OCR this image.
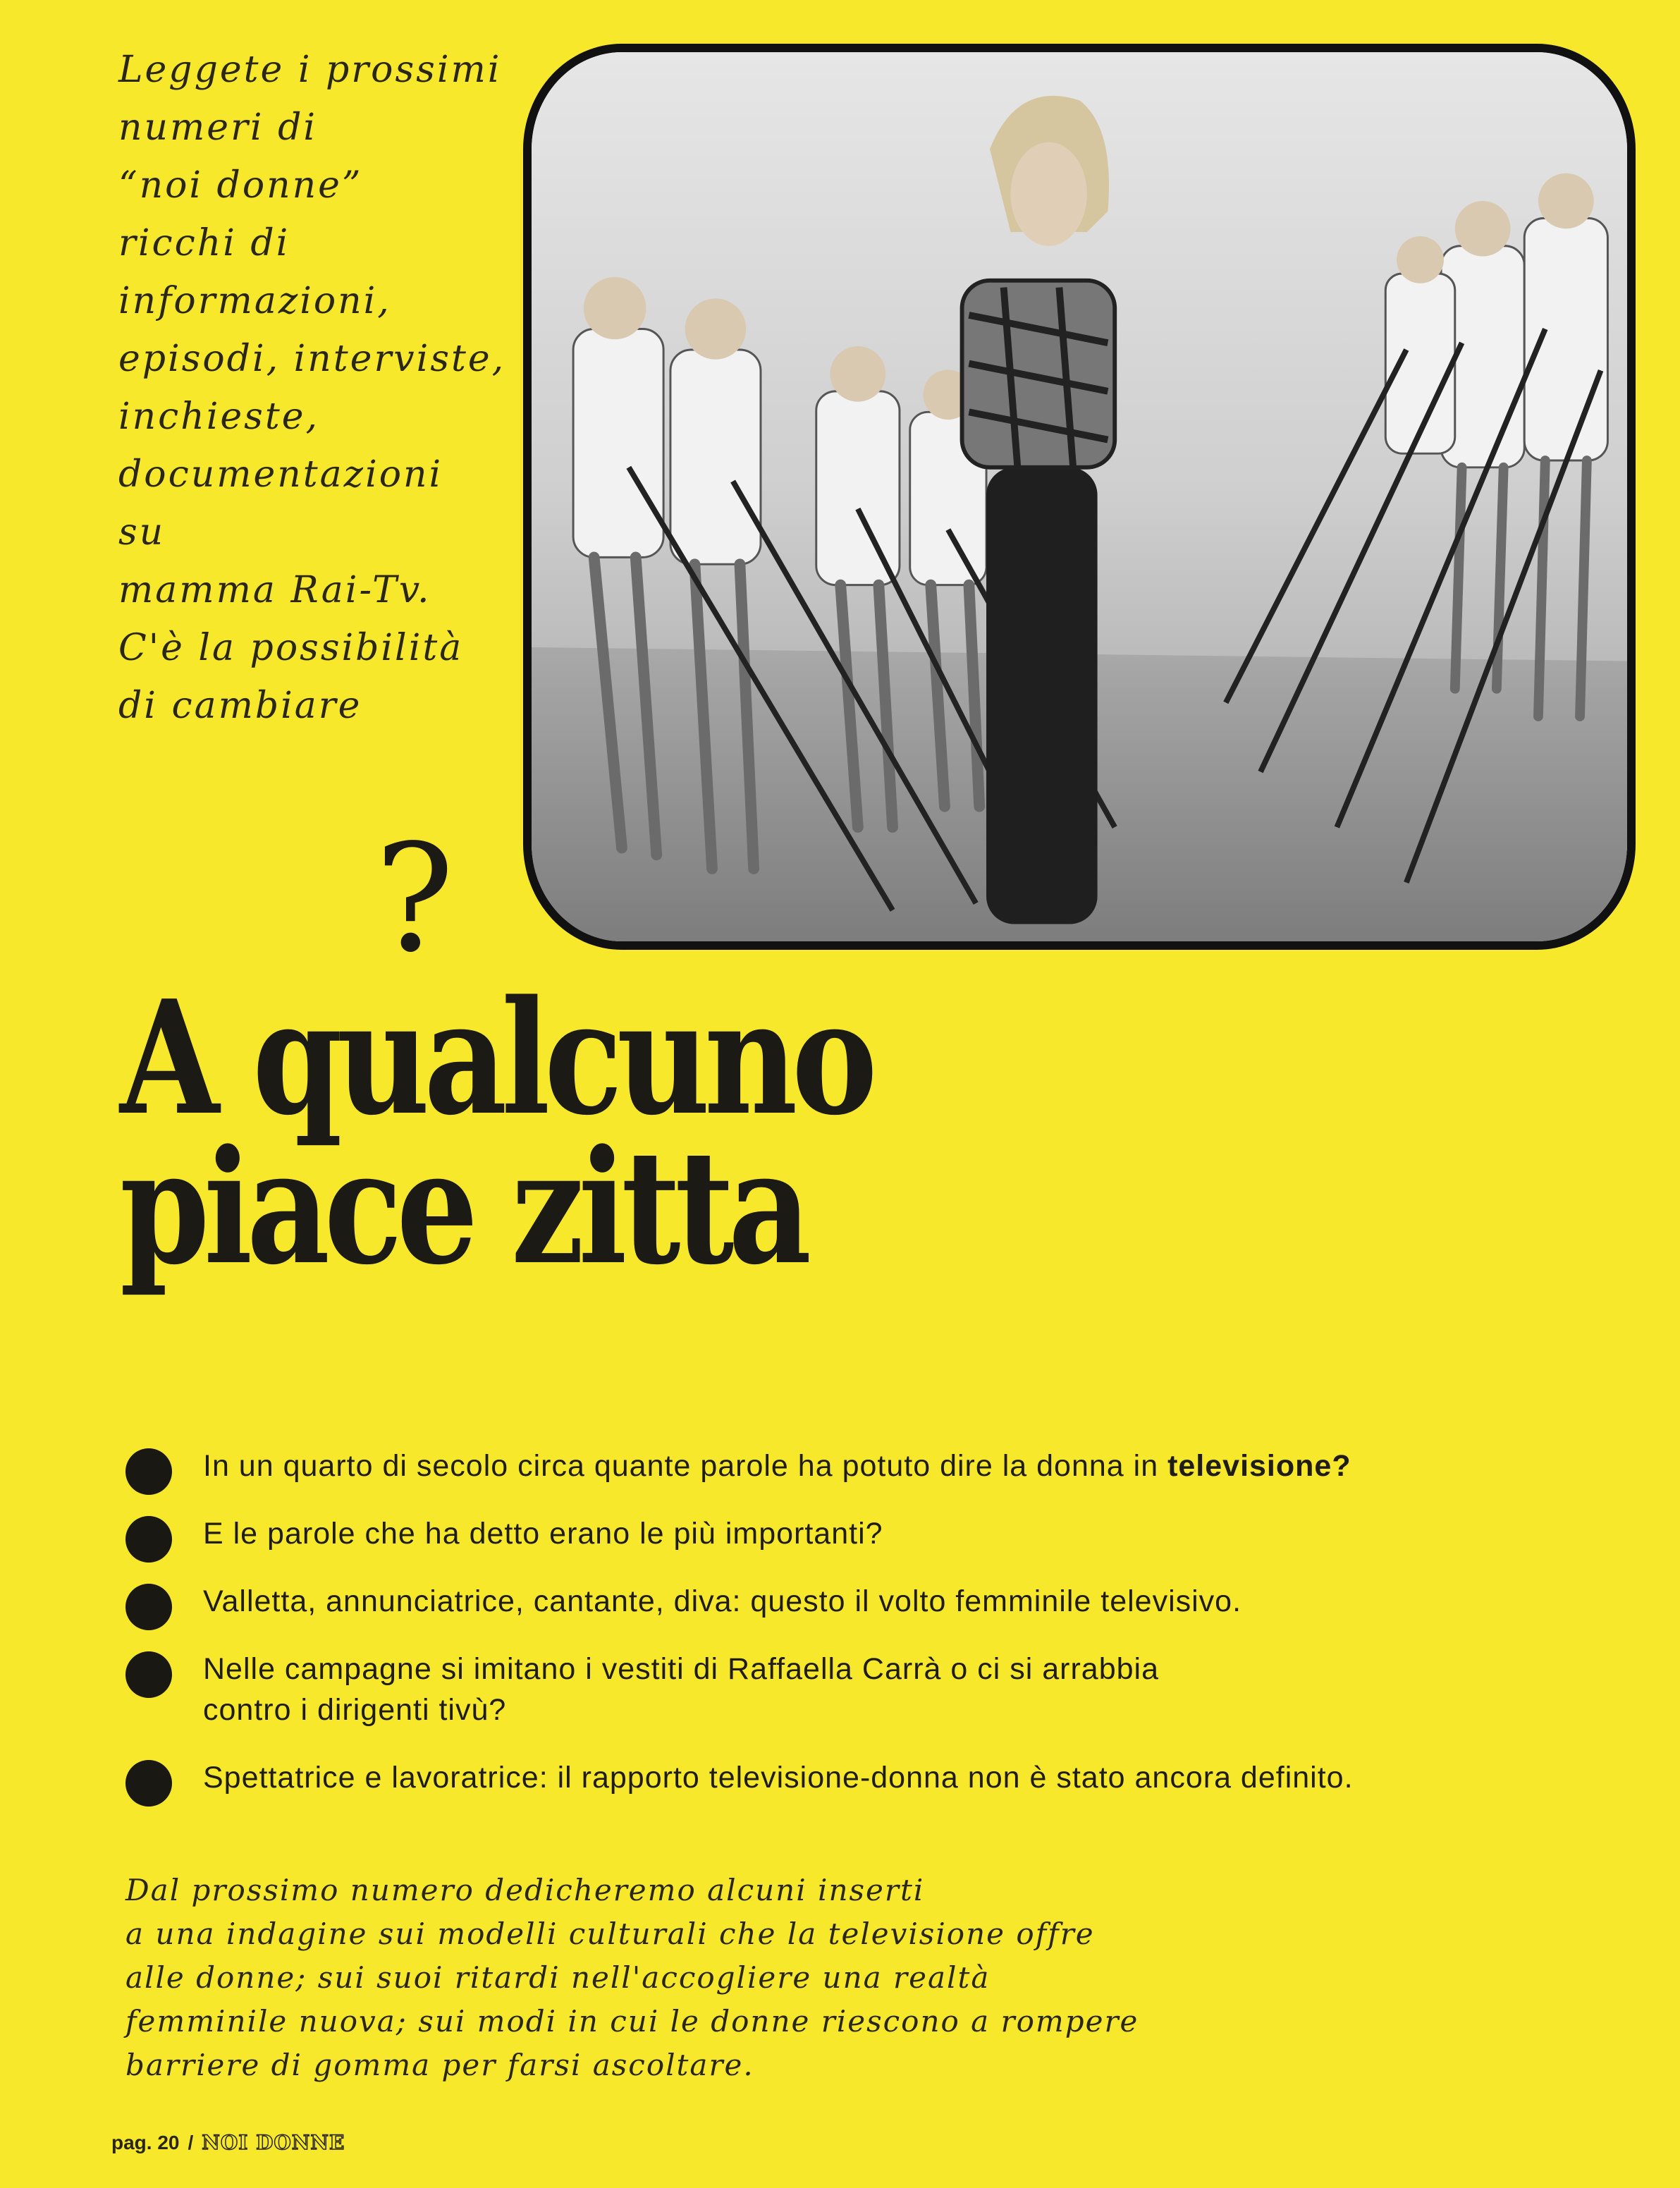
Leggete i prossimi
numeri di
“noi donne”
ricchi di
informazioni,
episodi, interviste,
inchieste,
documentazioni
su
mamma Rai-Tv.
C'è la possibilità
di cambiare
?
A qualcuno
piace zitta
In un quarto di secolo circa quante parole ha potuto dire la donna in televisione?
E le parole che ha detto erano le più importanti?
Valletta, annunciatrice, cantante, diva: questo il volto femminile televisivo.
Nelle campagne si imitano i vestiti di Raffaella Carrà o ci si arrabbia
contro i dirigenti tivù?
Spettatrice e lavoratrice: il rapporto televisione-donna non è stato ancora definito.
Dal prossimo numero dedicheremo alcuni inserti
a una indagine sui modelli culturali che la televisione offre
alle donne; sui suoi ritardi nell'accogliere una realtà
femminile nuova; sui modi in cui le donne riescono a rompere
barriere di gomma per farsi ascoltare.
pag. 20 / NOI DONNE
